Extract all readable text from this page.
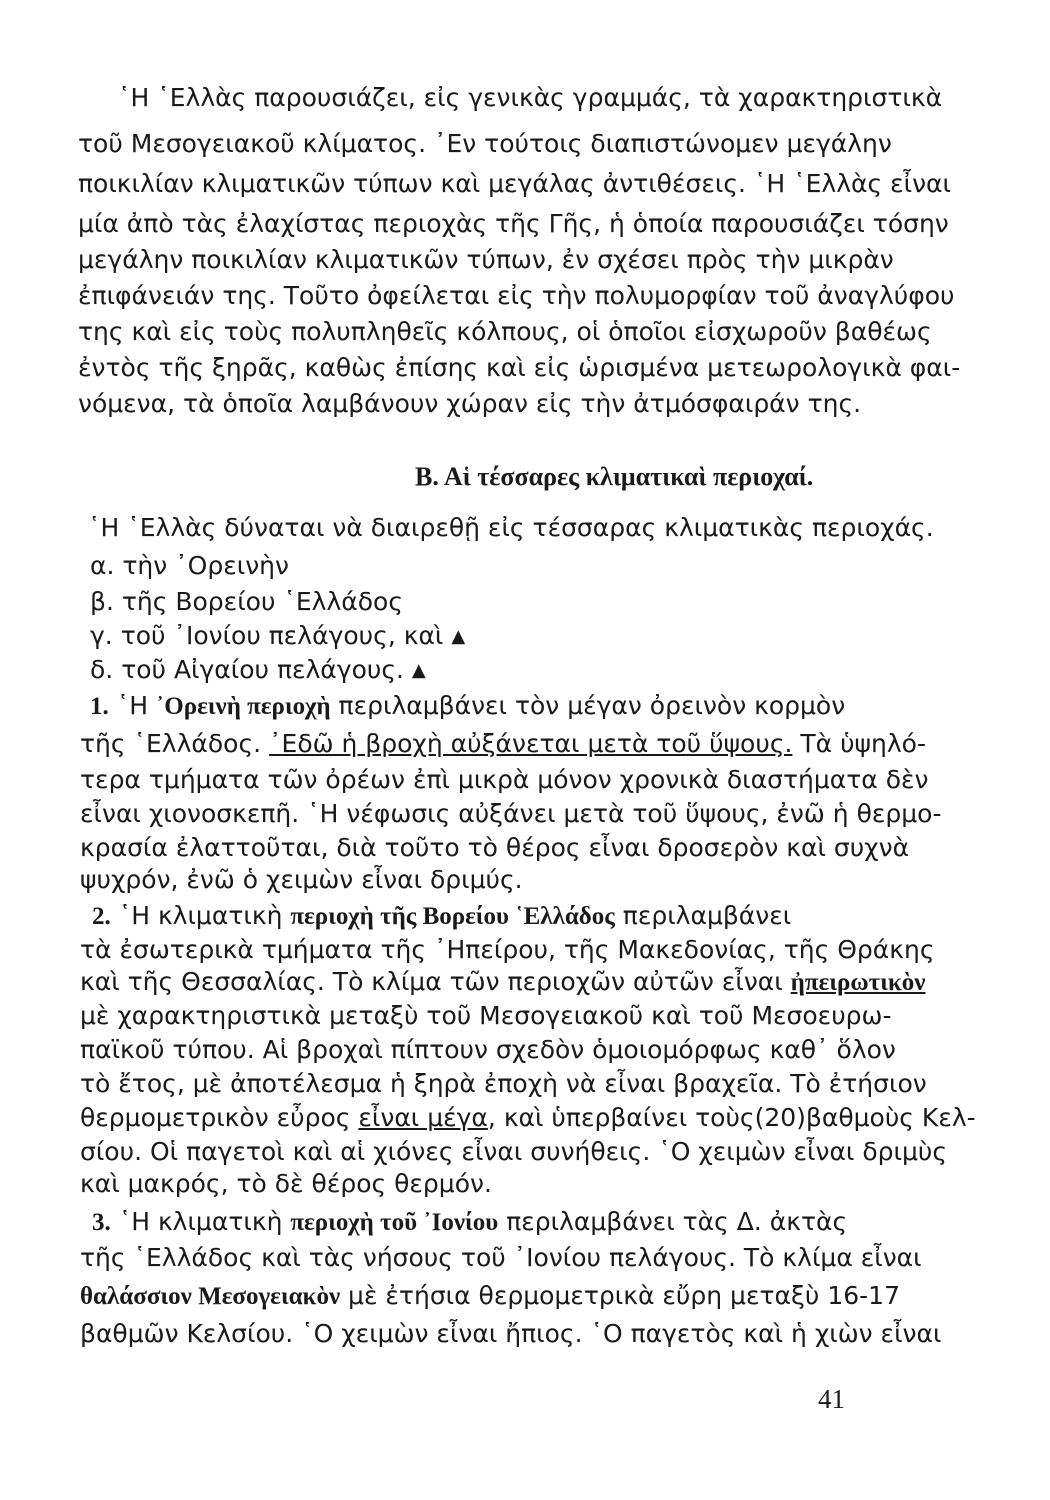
῾Η ῾Ελλὰς παρουσιάζει, εἰς γενικὰς γραμμάς, τὰ χαρακτηριστικὰ
τοῦ Μεσογειακοῦ κλίματος. ᾿Εν τούτοις διαπιστώνομεν μεγάλην
ποικιλίαν κλιματικῶν τύπων καὶ μεγάλας ἀντιθέσεις. ῾Η ῾Ελλὰς εἶναι
μία ἀπὸ τὰς ἐλαχίστας περιοχὰς τῆς Γῆς, ἡ ὁποία παρουσιάζει τόσην
μεγάλην ποικιλίαν κλιματικῶν τύπων, ἐν σχέσει πρὸς τὴν μικρὰν
ἐπιφάνειάν της. Τοῦτο ὀφείλεται εἰς τὴν πολυμορφίαν τοῦ ἀναγλύφου
της καὶ εἰς τοὺς πολυπληθεῖς κόλπους, οἱ ὁποῖοι εἰσχωροῦν βαθέως
ἐντὸς τῆς ξηρᾶς, καθὼς ἐπίσης καὶ εἰς ὡρισμένα μετεωρολογικὰ φαι-
νόμενα, τὰ ὁποῖα λαμβάνουν χώραν εἰς τὴν ἀτμόσφαιράν της.
Β. Αἱ τέσσαρες κλιματικαὶ περιοχαί.
῾Η ῾Ελλὰς δύναται νὰ διαιρεθῇ εἰς τέσσαρας κλιματικὰς περιοχάς.
α. τὴν ᾿Ορεινὴν
β. τῆς Βορείου ῾Ελλάδος
γ. τοῦ ᾿Ιονίου πελάγους, καὶ ▲
δ. τοῦ Αἰγαίου πελάγους. ▲
1. ῾Η ᾿Ορεινὴ περιοχὴ περιλαμβάνει τὸν μέγαν ὀρεινὸν κορμὸν
τῆς ῾Ελλάδος. ᾿Εδῶ ἡ βροχὴ αὐξάνεται μετὰ τοῦ ὕψους. Τὰ ὑψηλό-
τερα τμήματα τῶν ὀρέων ἐπὶ μικρὰ μόνον χρονικὰ διαστήματα δὲν
εἶναι χιονοσκεπῆ. ῾Η νέφωσις αὐξάνει μετὰ τοῦ ὕψους, ἐνῶ ἡ θερμο-
κρασία ἐλαττοῦται, διὰ τοῦτο τὸ θέρος εἶναι δροσερὸν καὶ συχνὰ
ψυχρόν, ἐνῶ ὁ χειμὼν εἶναι δριμύς.
2. ῾Η κλιματικὴ περιοχὴ τῆς Βορείου ῾Ελλάδος περιλαμβάνει
τὰ ἐσωτερικὰ τμήματα τῆς ᾿Ηπείρου, τῆς Μακεδονίας, τῆς Θράκης
καὶ τῆς Θεσσαλίας. Τὸ κλίμα τῶν περιοχῶν αὐτῶν εἶναι ἠπειρωτικὸν
μὲ χαρακτηριστικὰ μεταξὺ τοῦ Μεσογειακοῦ καὶ τοῦ Μεσοευρω-
παϊκοῦ τύπου. Αἱ βροχαὶ πίπτουν σχεδὸν ὁμοιομόρφως καθ᾿ ὅλον
τὸ ἔτος, μὲ ἀποτέλεσμα ἡ ξηρὰ ἐποχὴ νὰ εἶναι βραχεῖα. Τὸ ἐτήσιον
θερμομετρικὸν εὖρος εἶναι μέγα, καὶ ὑπερβαίνει τοὺς(20)βαθμοὺς Κελ-
σίου. Οἱ παγετοὶ καὶ αἱ χιόνες εἶναι συνήθεις. ῾Ο χειμὼν εἶναι δριμὺς
καὶ μακρός, τὸ δὲ θέρος θερμόν.
3. ῾Η κλιματικὴ περιοχὴ τοῦ ᾿Ιονίου περιλαμβάνει τὰς Δ. ἀκτὰς
τῆς ῾Ελλάδος καὶ τὰς νήσους τοῦ ᾿Ιονίου πελάγους. Τὸ κλίμα εἶναι
θαλάσσιον Μεσογειακὸν μὲ ἐτήσια θερμομετρικὰ εὔρη μεταξὺ 16-17
βαθμῶν Κελσίου. ῾Ο χειμὼν εἶναι ἤπιος. ῾Ο παγετὸς καὶ ἡ χιὼν εἶναι
41
